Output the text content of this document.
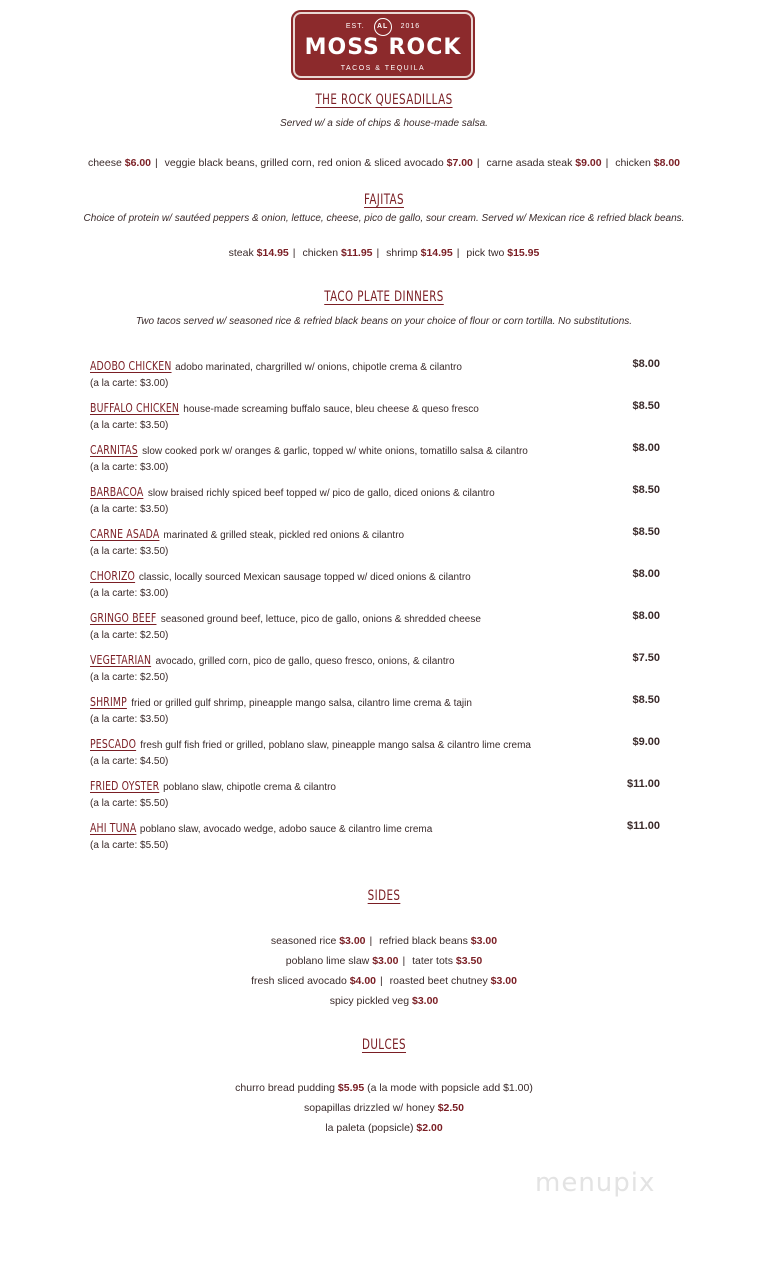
EST. AL 2016
MOSS ROCK
TACOS & TEQUILA
THE ROCK QUESADILLAS
Served w/ a side of chips & house-made salsa.
cheese $6.00 | veggie black beans, grilled corn, red onion & sliced avocado $7.00 | carne asada steak $9.00 | chicken $8.00
FAJITAS
Choice of protein w/ sautéed peppers & onion, lettuce, cheese, pico de gallo, sour cream. Served w/ Mexican rice & refried black beans.
steak $14.95 | chicken $11.95 | shrimp $14.95 | pick two $15.95
TACO PLATE DINNERS
Two tacos served w/ seasoned rice & refried black beans on your choice of flour or corn tortilla. No substitutions.
ADOBO CHICKEN adobo marinated, chargrilled w/ onions, chipotle crema & cilantro	$8.00
(a la carte: $3.00)
BUFFALO CHICKEN house-made screaming buffalo sauce, bleu cheese & queso fresco	$8.50
(a la carte: $3.50)
CARNITAS slow cooked pork w/ oranges & garlic, topped w/ white onions, tomatillo salsa & cilantro	$8.00
(a la carte: $3.00)
BARBACOA slow braised richly spiced beef topped w/ pico de gallo, diced onions & cilantro	$8.50
(a la carte: $3.50)
CARNE ASADA marinated & grilled steak, pickled red onions & cilantro	$8.50
(a la carte: $3.50)
CHORIZO classic, locally sourced Mexican sausage topped w/ diced onions & cilantro	$8.00
(a la carte: $3.00)
GRINGO BEEF seasoned ground beef, lettuce, pico de gallo, onions & shredded cheese	$8.00
(a la carte: $2.50)
VEGETARIAN avocado, grilled corn, pico de gallo, queso fresco, onions, & cilantro	$7.50
(a la carte: $2.50)
SHRIMP fried or grilled gulf shrimp, pineapple mango salsa, cilantro lime crema & tajin	$8.50
(a la carte: $3.50)
PESCADO fresh gulf fish fried or grilled, poblano slaw, pineapple mango salsa & cilantro lime crema	$9.00
(a la carte: $4.50)
FRIED OYSTER poblano slaw, chipotle crema & cilantro	$11.00
(a la carte: $5.50)
AHI TUNA poblano slaw, avocado wedge, adobo sauce & cilantro lime crema	$11.00
(a la carte: $5.50)
SIDES
seasoned rice $3.00 | refried black beans $3.00
poblano lime slaw $3.00 | tater tots $3.50
fresh sliced avocado $4.00 | roasted beet chutney $3.00
spicy pickled veg $3.00
DULCES
churro bread pudding $5.95 (a la mode with popsicle add $1.00)
sopapillas drizzled w/ honey $2.50
la paleta (popsicle) $2.00
menupix
